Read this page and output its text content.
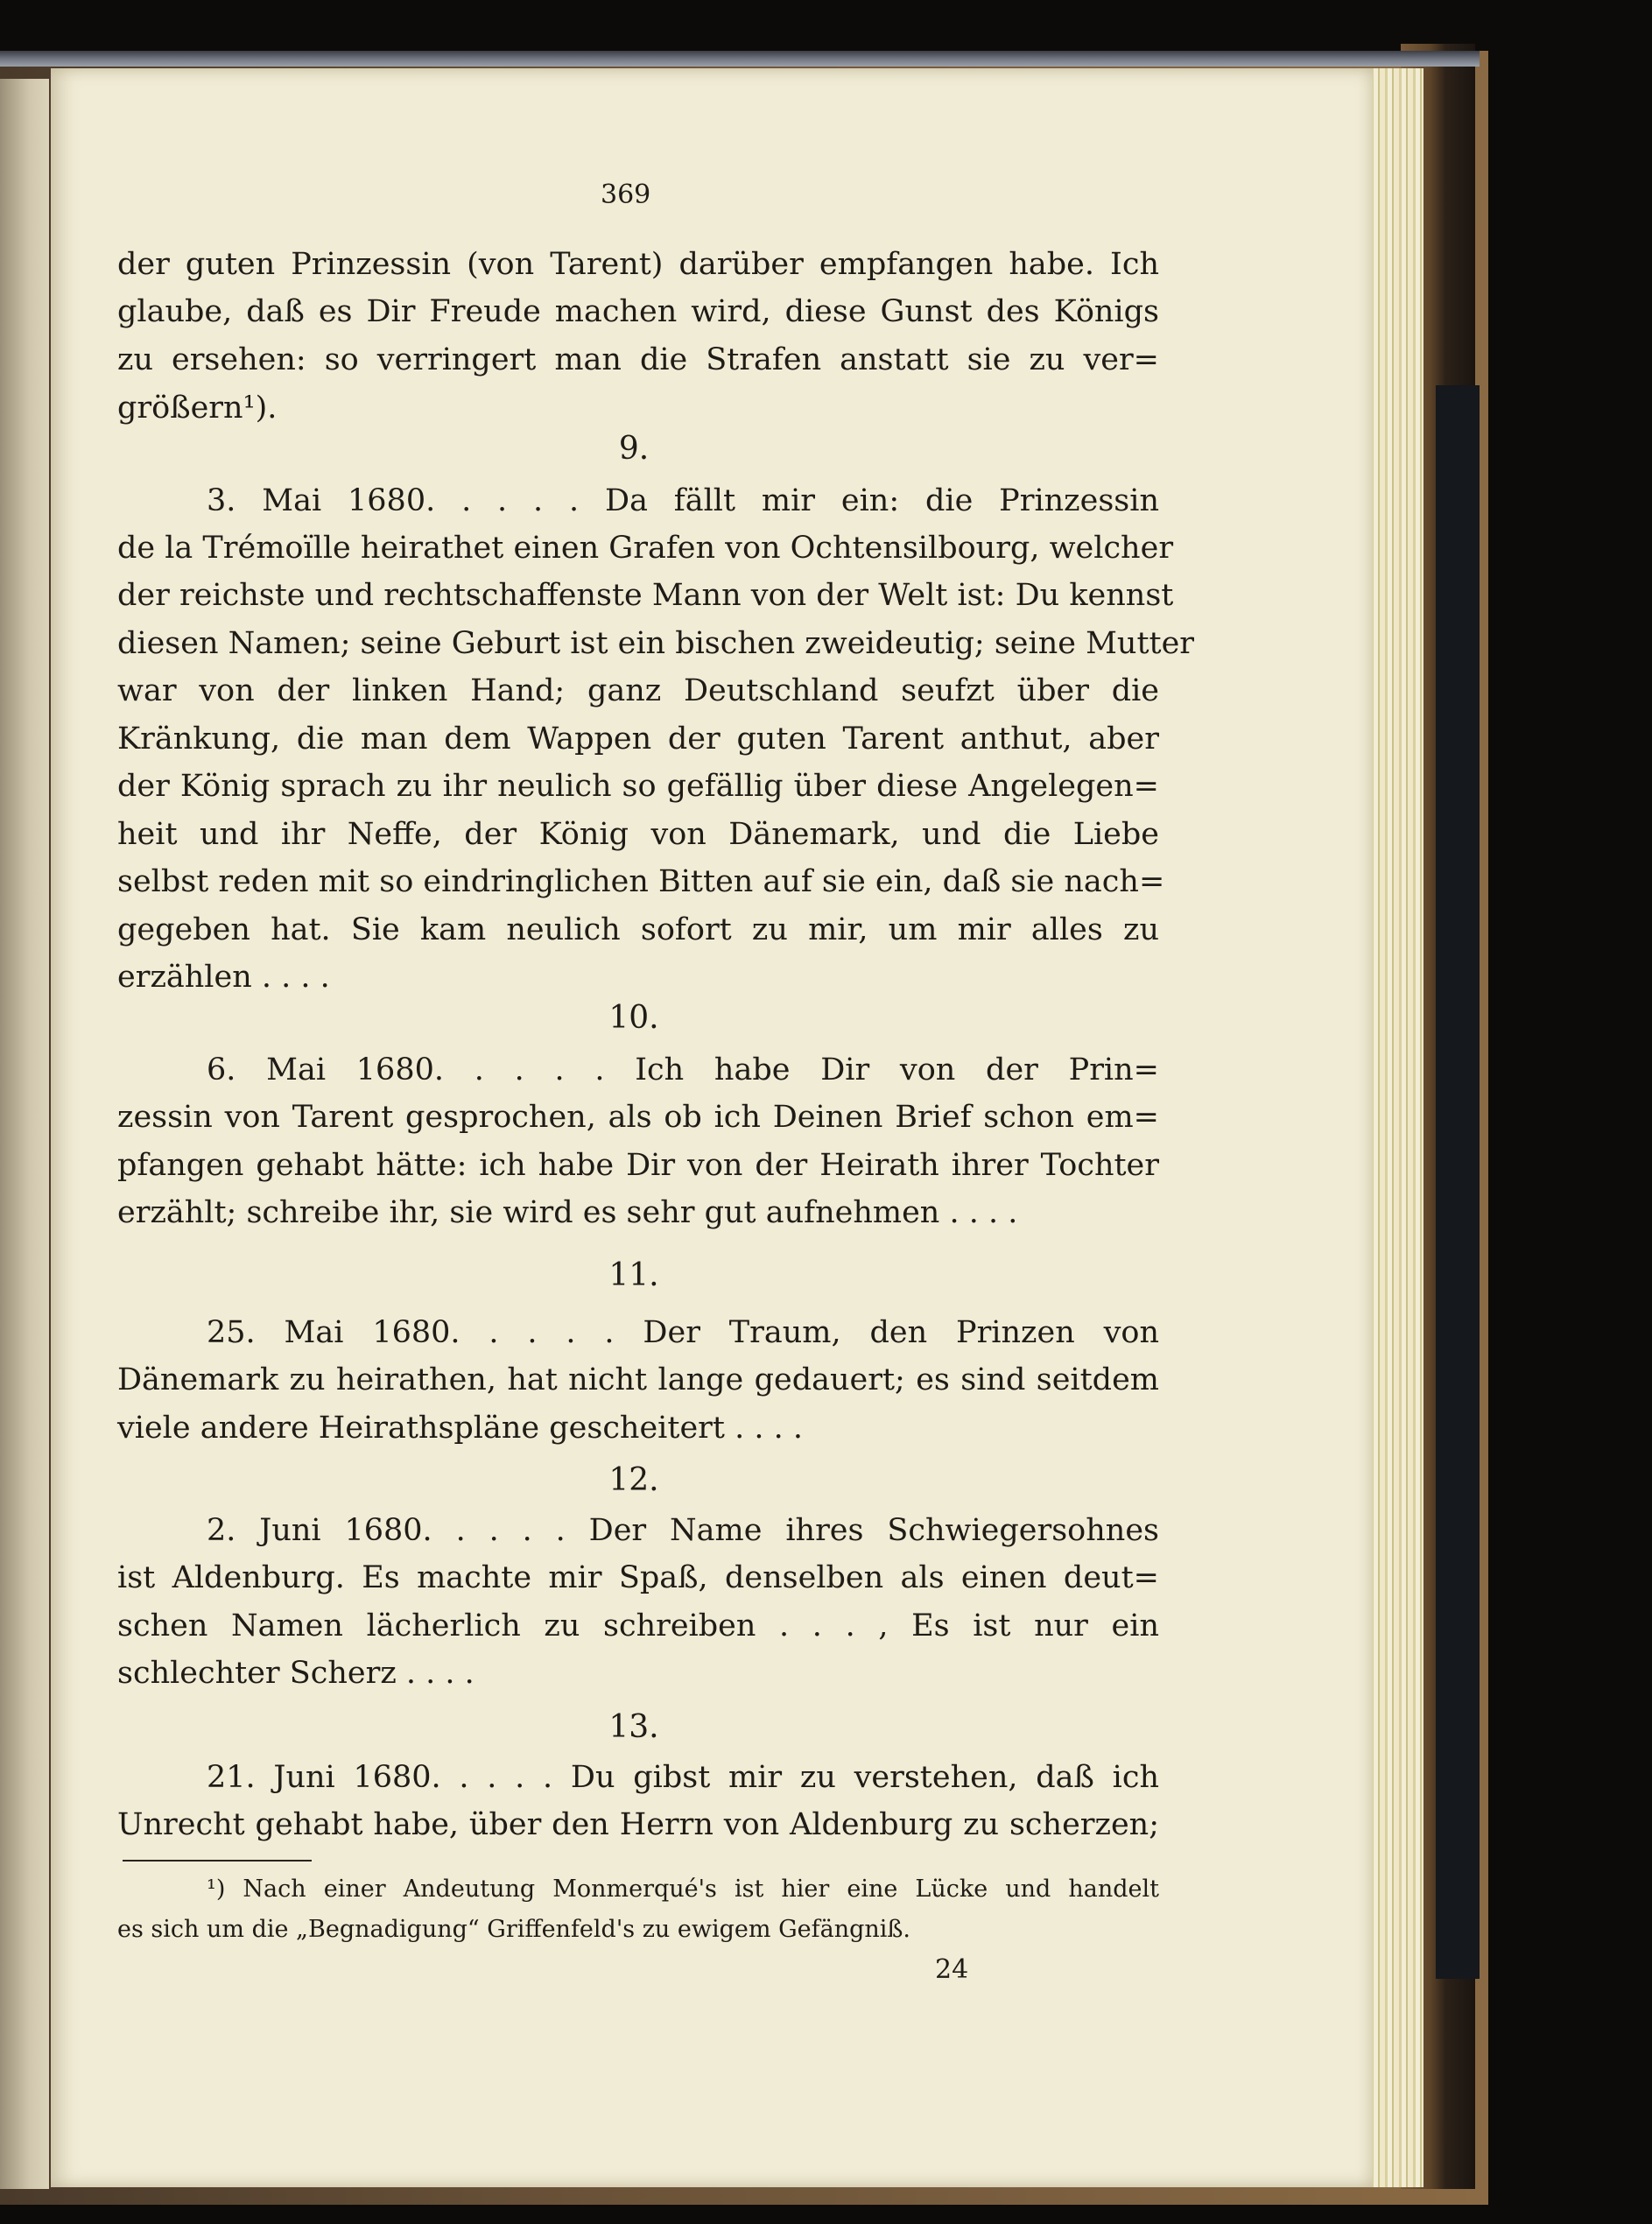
369
der guten Prinzessin (von Tarent) darüber empfangen habe. Ich
glaube, daß es Dir Freude machen wird, diese Gunst des Königs
zu ersehen: so verringert man die Strafen anstatt sie zu ver=
größern¹).
9.
3. Mai 1680. . . . . Da fällt mir ein: die Prinzessin
de la Trémoïlle heirathet einen Grafen von Ochtensilbourg, welcher
der reichste und rechtschaffenste Mann von der Welt ist: Du kennst
diesen Namen; seine Geburt ist ein bischen zweideutig; seine Mutter
war von der linken Hand; ganz Deutschland seufzt über die
Kränkung, die man dem Wappen der guten Tarent anthut, aber
der König sprach zu ihr neulich so gefällig über diese Angelegen=
heit und ihr Neffe, der König von Dänemark, und die Liebe
selbst reden mit so eindringlichen Bitten auf sie ein, daß sie nach=
gegeben hat. Sie kam neulich sofort zu mir, um mir alles zu
erzählen . . . .
10.
6. Mai 1680. . . . . Ich habe Dir von der Prin=
zessin von Tarent gesprochen, als ob ich Deinen Brief schon em=
pfangen gehabt hätte: ich habe Dir von der Heirath ihrer Tochter
erzählt; schreibe ihr, sie wird es sehr gut aufnehmen . . . .
11.
25. Mai 1680. . . . . Der Traum, den Prinzen von
Dänemark zu heirathen, hat nicht lange gedauert; es sind seitdem
viele andere Heirathspläne gescheitert . . . .
12.
2. Juni 1680. . . . . Der Name ihres Schwiegersohnes
ist Aldenburg. Es machte mir Spaß, denselben als einen deut=
schen Namen lächerlich zu schreiben . . . , Es ist nur ein
schlechter Scherz . . . .
13.
21. Juni 1680. . . . . Du gibst mir zu verstehen, daß ich
Unrecht gehabt habe, über den Herrn von Aldenburg zu scherzen;
¹) Nach einer Andeutung Monmerqué's ist hier eine Lücke und handelt
es sich um die „Begnadigung“ Griffenfeld's zu ewigem Gefängniß.
24
